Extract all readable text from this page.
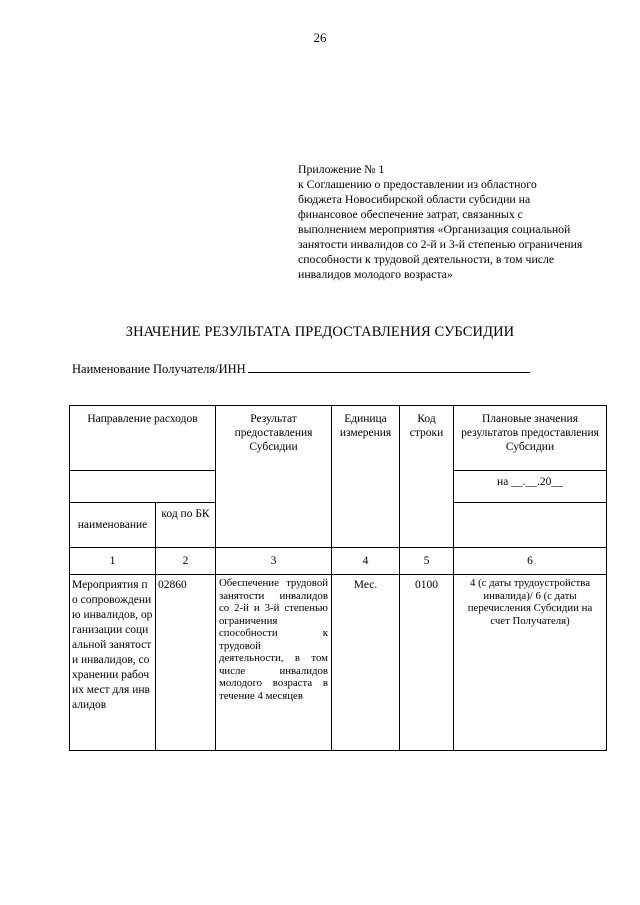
26
Приложение № 1
к Соглашению о предоставлении из областного
бюджета Новосибирской области субсидии на
финансовое обеспечение затрат, связанных с
выполнением мероприятия «Организация социальной
занятости инвалидов со 2-й и 3-й степенью ограничения
способности к трудовой деятельности, в том числе
инвалидов молодого возраста»
ЗНАЧЕНИЕ РЕЗУЛЬТАТА ПРЕДОСТАВЛЕНИЯ СУБСИДИИ
Наименование Получателя/ИНН
Направление расходов		Результат предоставления Субсидии	Единица измерения	Код строки	Плановые значения результатов предоставления Субсидии
					на __.__.20__
наименование	код по БК				
1	2	3	4	5	6
Мероприятия по сопровождени ю инвалидов, организации социальной занятости инвалидов, сохранении рабочих мест для инвалидов	02860	Обеспечение трудовой занятости инвалидов со 2-й и 3-й степенью ограничения способности к трудовой деятельности, в том числе инвалидов молодого возраста в течение 4 месяцев	Мес.	0100	4 (с даты трудоустройства инвалида)/ 6 (с даты перечисления Субсидии на счет Получателя)
